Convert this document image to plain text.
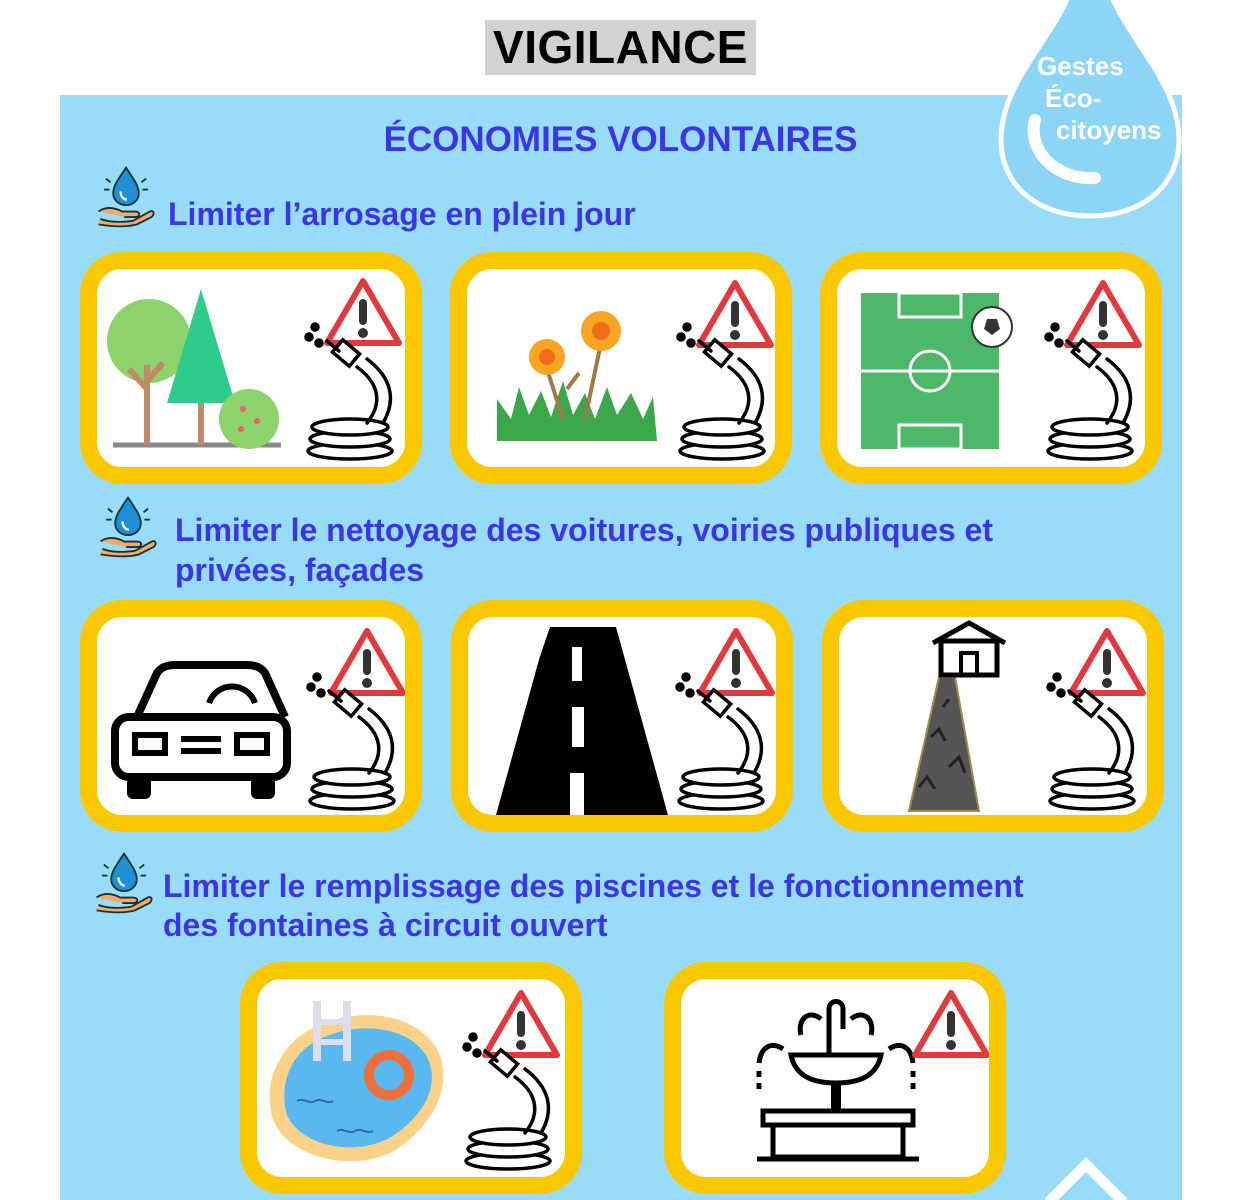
VIGILANCE	Gestes
Éco-
citoyens
ÉCONOMIES VOLONTAIRES
Limiter l’arrosage en plein jour
Limiter le nettoyage des voitures, voiries publiques et
privées, façades
Limiter le remplissage des piscines et le fonctionnement
des fontaines à circuit ouvert
